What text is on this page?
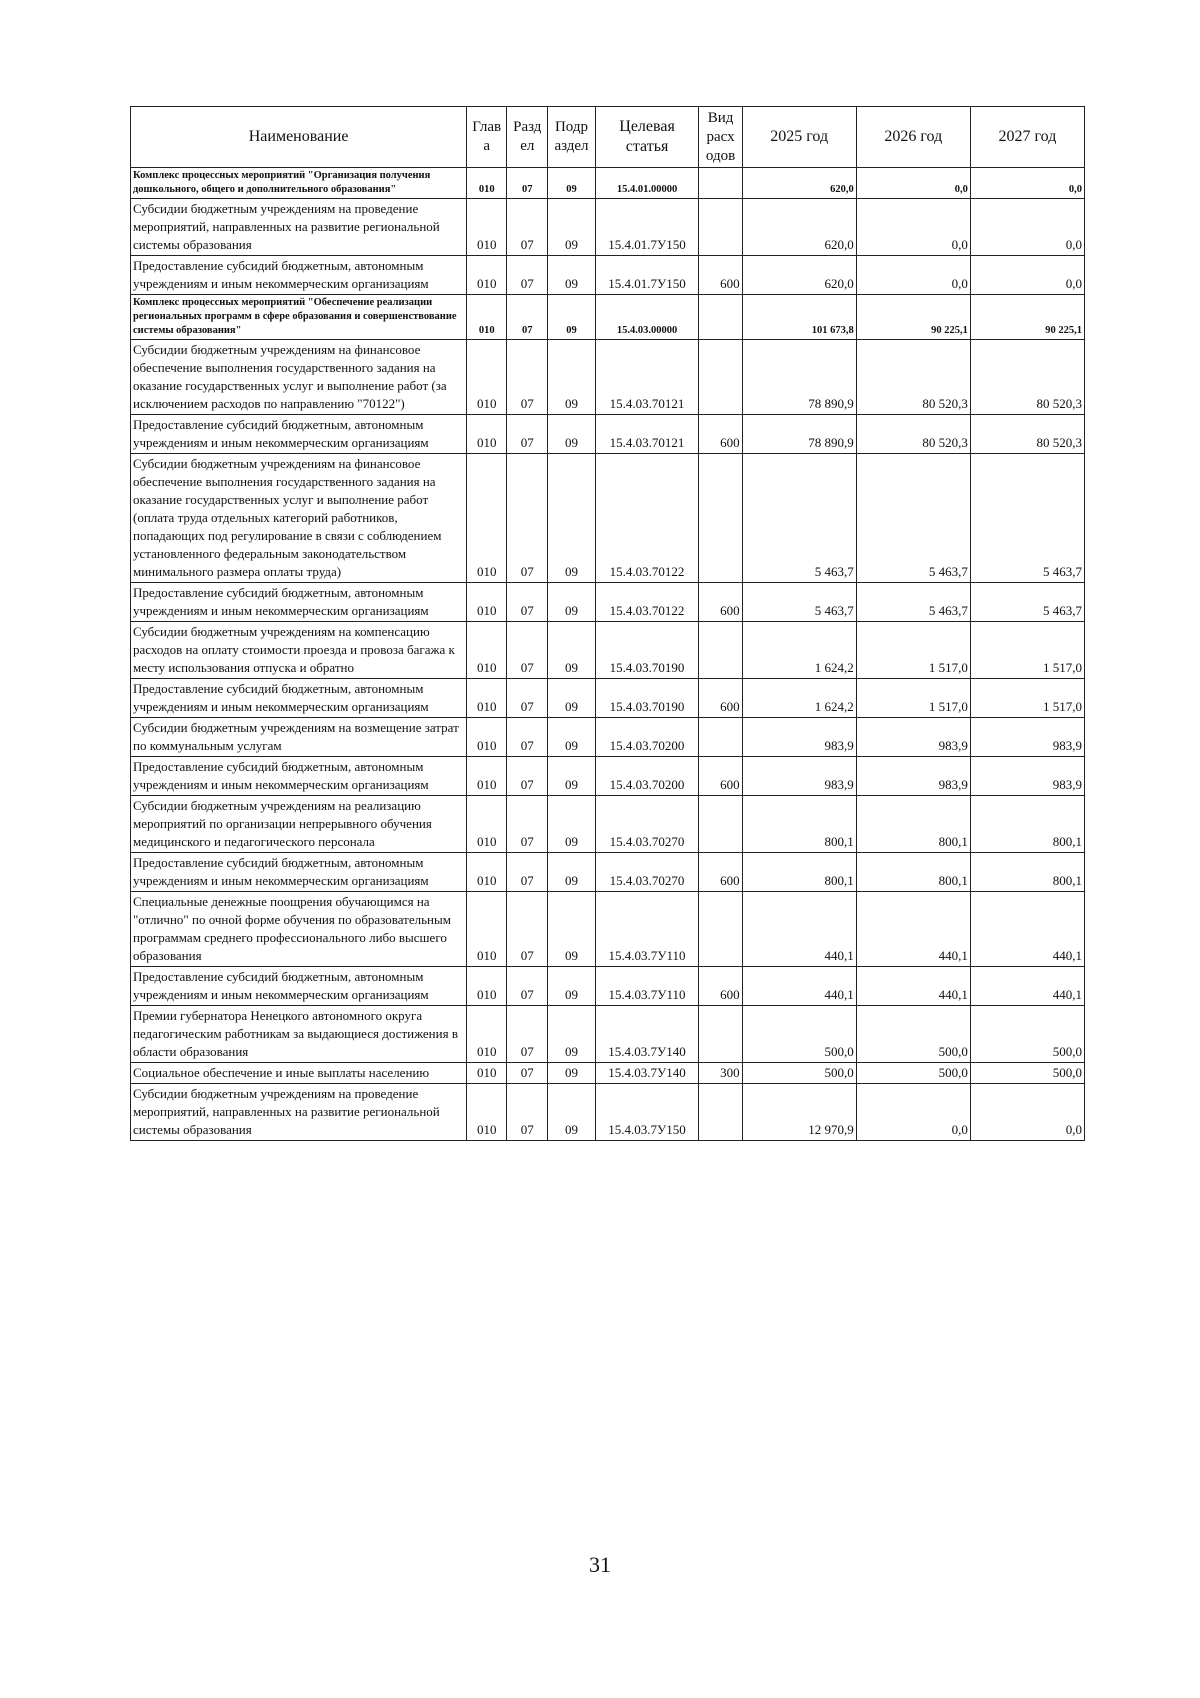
Наименование	Глав а	Разд ел	Подр аздел	Целевая статья	Вид расх одов	2025 год	2026 год	2027 год
Комплекс процессных мероприятий "Организация получения дошкольного, общего и дополнительного образования"	010	07	09	15.4.01.00000		620,0	0,0	0,0
Субсидии бюджетным учреждениям на проведение мероприятий, направленных на развитие региональной системы образования	010	07	09	15.4.01.7У150		620,0	0,0	0,0
Предоставление субсидий бюджетным, автономным учреждениям и иным некоммерческим организациям	010	07	09	15.4.01.7У150	600	620,0	0,0	0,0
Комплекс процессных мероприятий "Обеспечение реализации региональных программ в сфере образования и совершенствование системы образования"	010	07	09	15.4.03.00000		101 673,8	90 225,1	90 225,1
Субсидии бюджетным учреждениям на финансовое обеспечение выполнения государственного задания на оказание государственных услуг и выполнение работ (за исключением расходов по направлению "70122")	010	07	09	15.4.03.70121		78 890,9	80 520,3	80 520,3
Предоставление субсидий бюджетным, автономным учреждениям и иным некоммерческим организациям	010	07	09	15.4.03.70121	600	78 890,9	80 520,3	80 520,3
Субсидии бюджетным учреждениям на финансовое обеспечение выполнения государственного задания на оказание государственных услуг и выполнение работ (оплата труда отдельных категорий работников, попадающих под регулирование в связи с соблюдением установленного федеральным законодательством минимального размера оплаты труда)	010	07	09	15.4.03.70122		5 463,7	5 463,7	5 463,7
Предоставление субсидий бюджетным, автономным учреждениям и иным некоммерческим организациям	010	07	09	15.4.03.70122	600	5 463,7	5 463,7	5 463,7
Субсидии бюджетным учреждениям на компенсацию расходов на оплату стоимости проезда и провоза багажа к месту использования отпуска и обратно	010	07	09	15.4.03.70190		1 624,2	1 517,0	1 517,0
Предоставление субсидий бюджетным, автономным учреждениям и иным некоммерческим организациям	010	07	09	15.4.03.70190	600	1 624,2	1 517,0	1 517,0
Субсидии бюджетным учреждениям на возмещение затрат по коммунальным услугам	010	07	09	15.4.03.70200		983,9	983,9	983,9
Предоставление субсидий бюджетным, автономным учреждениям и иным некоммерческим организациям	010	07	09	15.4.03.70200	600	983,9	983,9	983,9
Субсидии бюджетным учреждениям на реализацию мероприятий по организации непрерывного обучения медицинского и педагогического персонала	010	07	09	15.4.03.70270		800,1	800,1	800,1
Предоставление субсидий бюджетным, автономным учреждениям и иным некоммерческим организациям	010	07	09	15.4.03.70270	600	800,1	800,1	800,1
Специальные денежные поощрения обучающимся на "отлично" по очной форме обучения по образовательным программам среднего профессионального либо высшего образования	010	07	09	15.4.03.7У110		440,1	440,1	440,1
Предоставление субсидий бюджетным, автономным учреждениям и иным некоммерческим организациям	010	07	09	15.4.03.7У110	600	440,1	440,1	440,1
Премии губернатора Ненецкого автономного округа педагогическим работникам за выдающиеся достижения в области образования	010	07	09	15.4.03.7У140		500,0	500,0	500,0
Социальное обеспечение и иные выплаты населению	010	07	09	15.4.03.7У140	300	500,0	500,0	500,0
Субсидии бюджетным учреждениям на проведение мероприятий, направленных на развитие региональной системы образования	010	07	09	15.4.03.7У150		12 970,9	0,0	0,0
31
